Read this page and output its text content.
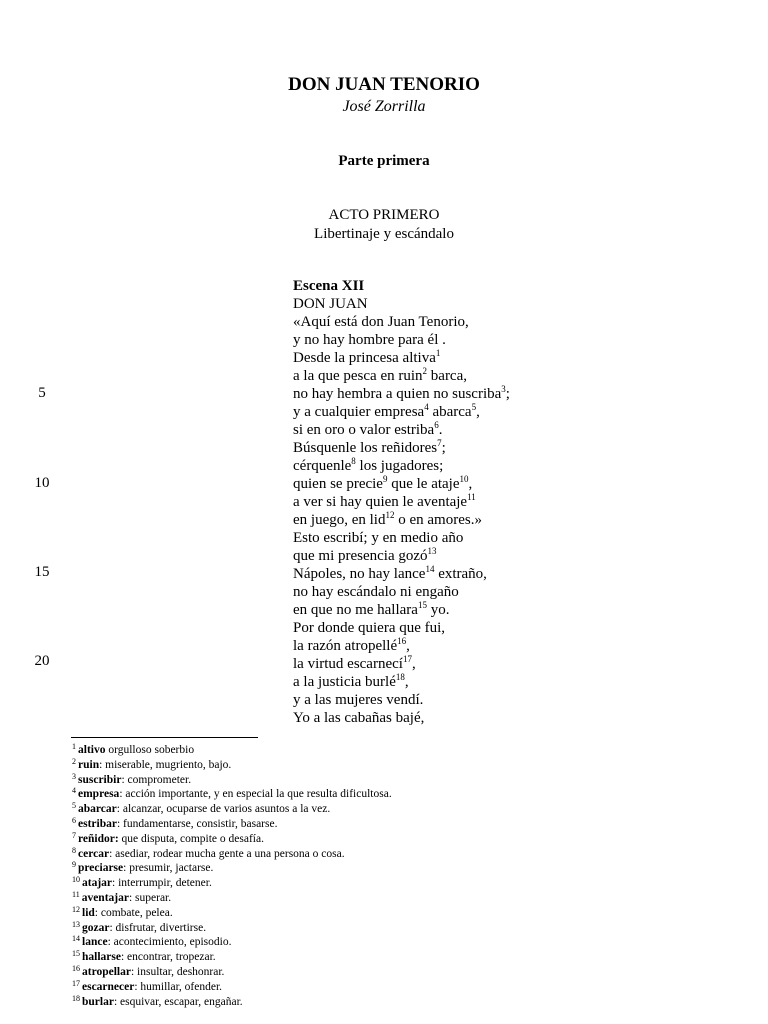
DON JUAN TENORIO
José Zorrilla
Parte primera
ACTO PRIMERO
Libertinaje y escándalo
Escena XII
DON JUAN
«Aquí está don Juan Tenorio,
y no hay hombre para él .
Desde la princesa altiva$^1$
a la que pesca en ruin$^2$ barca,
no hay hembra a quien no suscriba$^3$;
y a cualquier empresa$^4$ abarca$^5$,
si en oro o valor estriba$^6$.
Búsquenle los reñidores$^7$;
cérquenle$^8$ los jugadores;
quien se precie$^9$ que le ataje$^{10}$,
a ver si hay quien le aventaje$^{11}$
en juego, en lid$^{12}$ o en amores.»
Esto escribí; y en medio año
que mi presencia gozó$^{13}$
Nápoles, no hay lance$^{14}$ extraño,
no hay escándalo ni engaño
en que no me hallara$^{15}$ yo.
Por donde quiera que fui,
la razón atropellé$^{16}$,
la virtud escarnecí$^{17}$,
a la justicia burlé$^{18}$,
y a las mujeres vendí.
Yo a las cabañas bajé,
5
10
15
20
$^1$ altivo orgulloso soberbio
$^2$ ruin: miserable, mugriento, bajo.
$^3$ suscribir: comprometer.
$^4$ empresa: acción importante, y en especial la que resulta dificultosa.
$^5$ abarcar: alcanzar, ocuparse de varios asuntos a la vez.
$^6$ estribar: fundamentarse, consistir, basarse.
$^7$ reñidor: que disputa, compite o desafía.
$^8$ cercar: asediar, rodear mucha gente a una persona o cosa.
$^9$ preciarse: presumir, jactarse.
$^{10}$ atajar: interrumpir, detener.
$^{11}$ aventajar: superar.
$^{12}$ lid: combate, pelea.
$^{13}$ gozar: disfrutar, divertirse.
$^{14}$ lance: acontecimiento, episodio.
$^{15}$ hallarse: encontrar, tropezar.
$^{16}$ atropellar: insultar, deshonrar.
$^{17}$ escarnecer: humillar, ofender.
$^{18}$ burlar: esquivar, escapar, engañar.
